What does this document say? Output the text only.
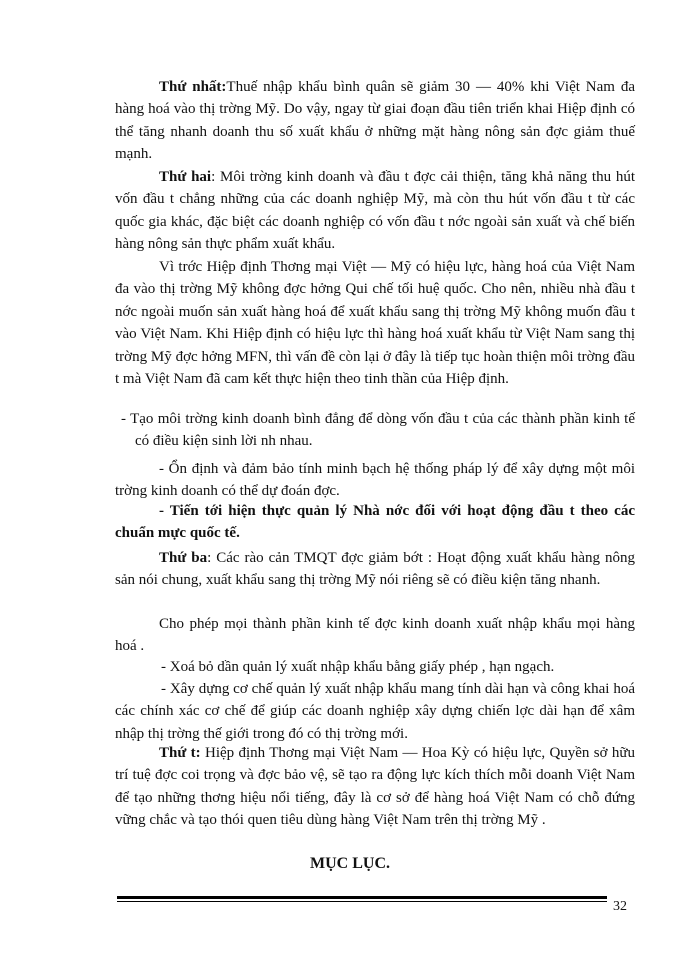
Thứ nhất:Thuế nhập khẩu bình quân sẽ giảm 30 — 40% khi Việt Nam đa hàng hoá vào thị trờng Mỹ. Do vậy, ngay từ giai đoạn đầu tiên triển khai Hiệp định có thể tăng nhanh doanh thu số xuất khẩu ở những mặt hàng nông sản đợc giảm thuế mạnh.

Thứ hai: Môi trờng kinh doanh và đầu t đợc cải thiện, tăng khả năng thu hút vốn đầu t chẳng những của các doanh nghiệp Mỹ, mà còn thu hút vốn đầu t từ các quốc gia khác, đặc biệt các doanh nghiệp có vốn đầu t nớc ngoài sản xuất và chế biến hàng nông sản thực phẩm xuất khẩu.

Vì trớc Hiệp định Thơng mại Việt — Mỹ có hiệu lực, hàng hoá của Việt Nam đa vào thị trờng Mỹ không đợc hởng Qui chế tối huệ quốc. Cho nên, nhiều nhà đầu t nớc ngoài muốn sản xuất hàng hoá để xuất khẩu sang thị trờng Mỹ không muốn đầu t vào Việt Nam. Khi Hiệp định có hiệu lực thì hàng hoá xuất khẩu từ Việt Nam sang thị trờng Mỹ đợc hởng MFN, thì vấn đề còn lại ở đây là tiếp tục hoàn thiện môi trờng đầu t mà Việt Nam đã cam kết thực hiện theo tinh thần của Hiệp định.

- Tạo môi trờng kinh doanh bình đẳng để dòng vốn đầu t của các thành phần kinh tế có điều kiện sinh lời nh nhau.

- Ổn định và đảm bảo tính minh bạch hệ thống pháp lý để xây dựng một môi trờng kinh doanh có thể dự đoán đợc.

- Tiến tới hiện thực quản lý Nhà nớc đối với hoạt động đầu t theo các chuẩn mực quốc tế.

Thứ ba: Các rào cản TMQT đợc giảm bớt : Hoạt động xuất khẩu hàng nông sản nói chung, xuất khẩu sang thị trờng Mỹ nói riêng sẽ có điều kiện tăng nhanh.

Cho phép mọi thành phần kinh tế đợc kinh doanh xuất nhập khẩu mọi hàng hoá .

- Xoá bỏ dần quản lý xuất nhập khẩu bằng giấy phép , hạn ngạch.

- Xây dựng cơ chế quản lý xuất nhập khẩu mang tính dài hạn và công khai hoá các chính xác cơ chế để giúp các doanh nghiệp xây dựng chiến lợc dài hạn để xâm nhập thị trờng thế giới trong đó có thị trờng mới.

Thứ t: Hiệp định Thơng mại Việt Nam — Hoa Kỳ có hiệu lực, Quyền sở hữu trí tuệ đợc coi trọng và đợc bảo vệ, sẽ tạo ra động lực kích thích mỗi doanh Việt Nam để tạo những thơng hiệu nổi tiếng, đây là cơ sở để hàng hoá Việt Nam có chỗ đứng vững chắc và tạo thói quen tiêu dùng hàng Việt Nam trên thị trờng Mỹ .

MỤC LỤC.
32
